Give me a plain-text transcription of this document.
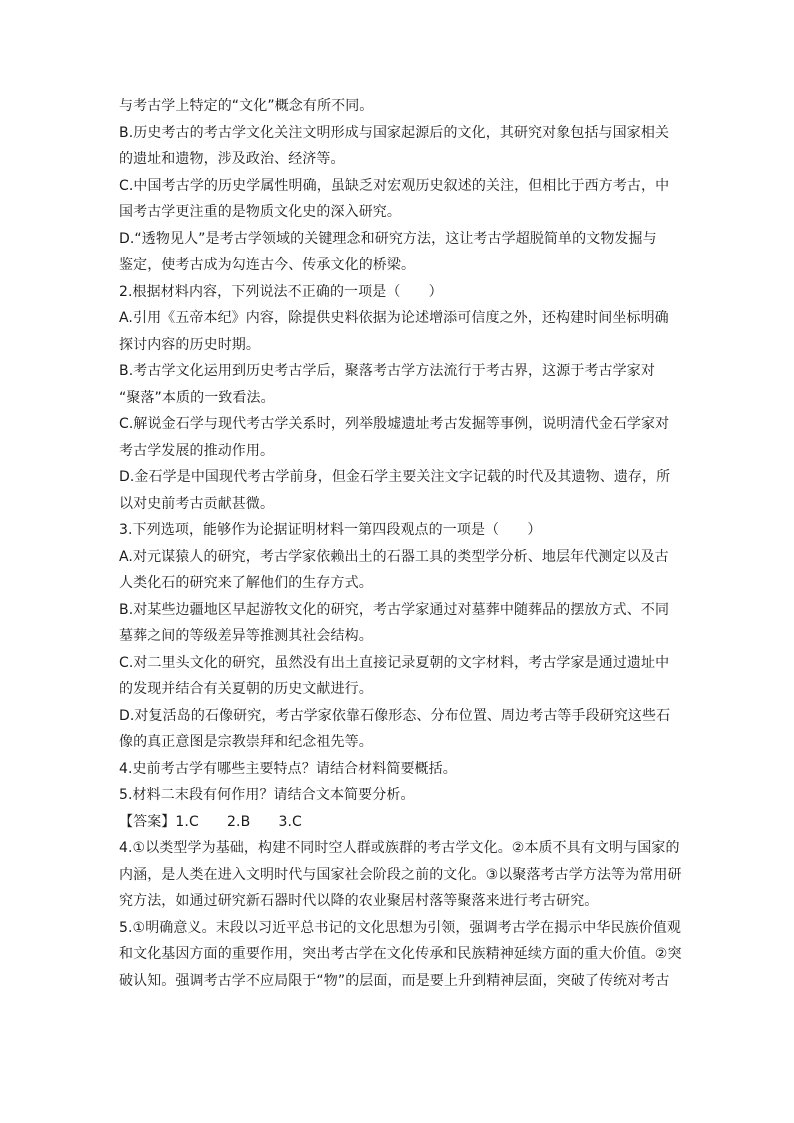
与考古学上特定的“文化”概念有所不同。
B.历史考古的考古学文化关注文明形成与国家起源后的文化，其研究对象包括与国家相关
的遗址和遗物，涉及政治、经济等。
C.中国考古学的历史学属性明确，虽缺乏对宏观历史叙述的关注，但相比于西方考古，中
国考古学更注重的是物质文化史的深入研究。
D.“透物见人”是考古学领域的关键理念和研究方法，这让考古学超脱简单的文物发掘与
鉴定，使考古成为勾连古今、传承文化的桥梁。
2.根据材料内容，下列说法不正确的一项是（　　）
A.引用《五帝本纪》内容，除提供史料依据为论述增添可信度之外，还构建时间坐标明确
探讨内容的历史时期。
B.考古学文化运用到历史考古学后，聚落考古学方法流行于考古界，这源于考古学家对
“聚落”本质的一致看法。
C.解说金石学与现代考古学关系时，列举殷墟遗址考古发掘等事例，说明清代金石学家对
考古学发展的推动作用。
D.金石学是中国现代考古学前身，但金石学主要关注文字记载的时代及其遗物、遗存，所
以对史前考古贡献甚微。
3.下列选项，能够作为论据证明材料一第四段观点的一项是（　　）
A.对元谋猿人的研究，考古学家依赖出土的石器工具的类型学分析、地层年代测定以及古
人类化石的研究来了解他们的生存方式。
B.对某些边疆地区早起游牧文化的研究，考古学家通过对墓葬中随葬品的摆放方式、不同
墓葬之间的等级差异等推测其社会结构。
C.对二里头文化的研究，虽然没有出土直接记录夏朝的文字材料，考古学家是通过遗址中
的发现并结合有关夏朝的历史文献进行。
D.对复活岛的石像研究，考古学家依靠石像形态、分布位置、周边考古等手段研究这些石
像的真正意图是宗教崇拜和纪念祖先等。
4.史前考古学有哪些主要特点？请结合材料简要概括。
5.材料二末段有何作用？请结合文本简要分析。
【答案】1.C　　2.B　　3.C
4.①以类型学为基础，构建不同时空人群或族群的考古学文化。②本质不具有文明与国家的
内涵，是人类在进入文明时代与国家社会阶段之前的文化。③以聚落考古学方法等为常用研
究方法，如通过研究新石器时代以降的农业聚居村落等聚落来进行考古研究。
5.①明确意义。末段以习近平总书记的文化思想为引领，强调考古学在揭示中华民族价值观
和文化基因方面的重要作用，突出考古学在文化传承和民族精神延续方面的重大价值。②突
破认知。强调考古学不应局限于“物”的层面，而是要上升到精神层面，突破了传统对考古
